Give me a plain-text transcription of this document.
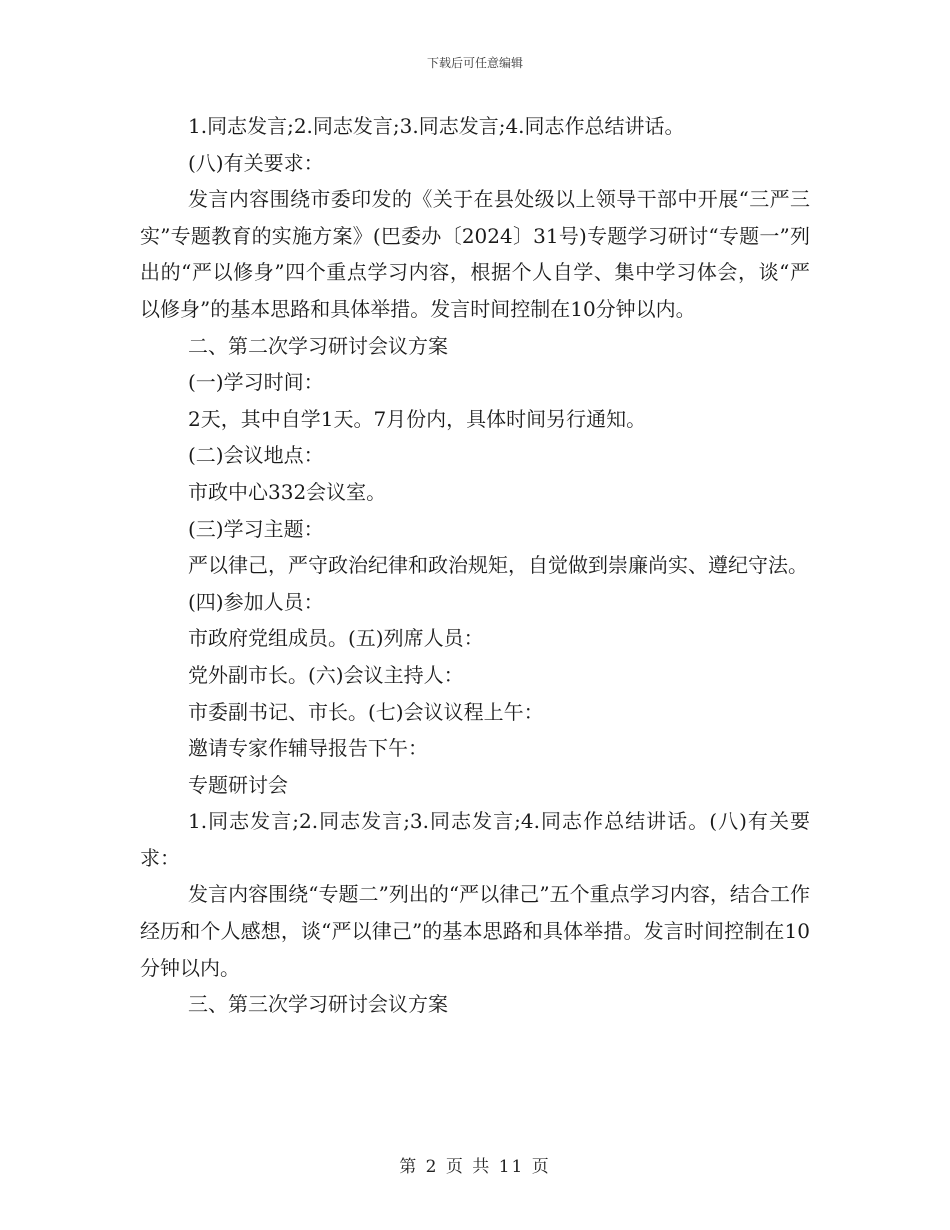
下载后可任意编辑

1.同志发言;2.同志发言;3.同志发言;4.同志作总结讲话。

(八)有关要求：

发言内容围绕市委印发的《关于在县处级以上领导干部中开展“三严三实”专题教育的实施方案》(巴委办〔2024〕31号)专题学习研讨“专题一”列出的“严以修身”四个重点学习内容，根据个人自学、集中学习体会，谈“严以修身”的基本思路和具体举措。发言时间控制在10分钟以内。

二、第二次学习研讨会议方案

(一)学习时间：

2天，其中自学1天。7月份内，具体时间另行通知。

(二)会议地点：

市政中心332会议室。

(三)学习主题：

严以律己，严守政治纪律和政治规矩，自觉做到崇廉尚实、遵纪守法。

(四)参加人员：

市政府党组成员。(五)列席人员：

党外副市长。(六)会议主持人：

市委副书记、市长。(七)会议议程上午：

邀请专家作辅导报告下午：

专题研讨会

1.同志发言;2.同志发言;3.同志发言;4.同志作总结讲话。(八)有关要求：

发言内容围绕“专题二”列出的“严以律己”五个重点学习内容，结合工作经历和个人感想，谈“严以律己”的基本思路和具体举措。发言时间控制在10分钟以内。

三、第三次学习研讨会议方案

第 2 页 共 11 页
